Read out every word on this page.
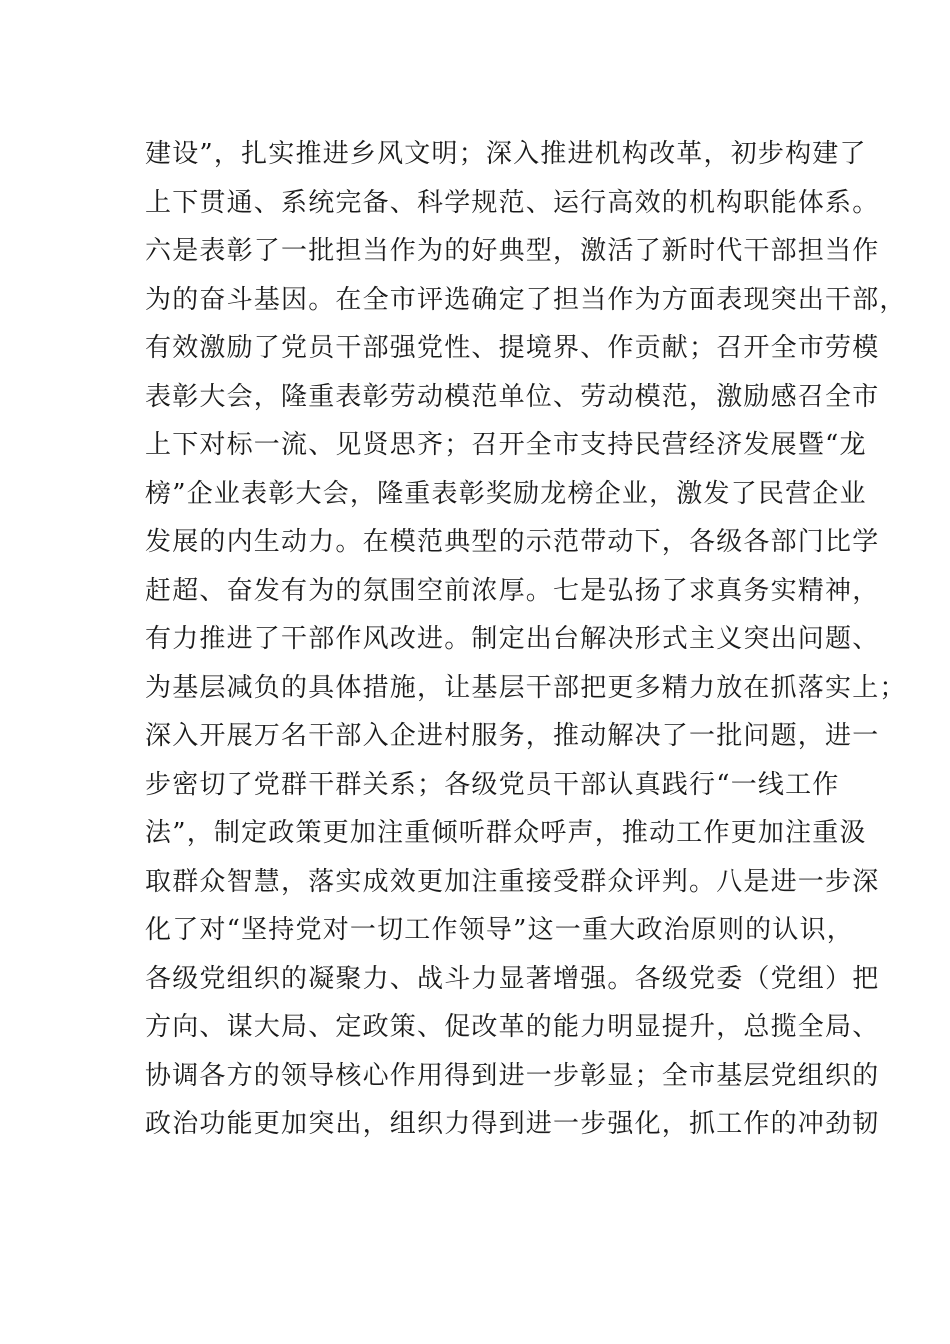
建设”，扎实推进乡风文明；深入推进机构改革，初步构建了
上下贯通、系统完备、科学规范、运行高效的机构职能体系。
六是表彰了一批担当作为的好典型，激活了新时代干部担当作
为的奋斗基因。在全市评选确定了担当作为方面表现突出干部，
有效激励了党员干部强党性、提境界、作贡献；召开全市劳模
表彰大会，隆重表彰劳动模范单位、劳动模范，激励感召全市
上下对标一流、见贤思齐；召开全市支持民营经济发展暨“龙
榜”企业表彰大会，隆重表彰奖励龙榜企业，激发了民营企业
发展的内生动力。在模范典型的示范带动下，各级各部门比学
赶超、奋发有为的氛围空前浓厚。七是弘扬了求真务实精神，
有力推进了干部作风改进。制定出台解决形式主义突出问题、
为基层减负的具体措施，让基层干部把更多精力放在抓落实上；
深入开展万名干部入企进村服务，推动解决了一批问题，进一
步密切了党群干群关系；各级党员干部认真践行“一线工作
法”，制定政策更加注重倾听群众呼声，推动工作更加注重汲
取群众智慧，落实成效更加注重接受群众评判。八是进一步深
化了对“坚持党对一切工作领导”这一重大政治原则的认识，
各级党组织的凝聚力、战斗力显著增强。各级党委（党组）把
方向、谋大局、定政策、促改革的能力明显提升，总揽全局、
协调各方的领导核心作用得到进一步彰显；全市基层党组织的
政治功能更加突出，组织力得到进一步强化，抓工作的冲劲韧
